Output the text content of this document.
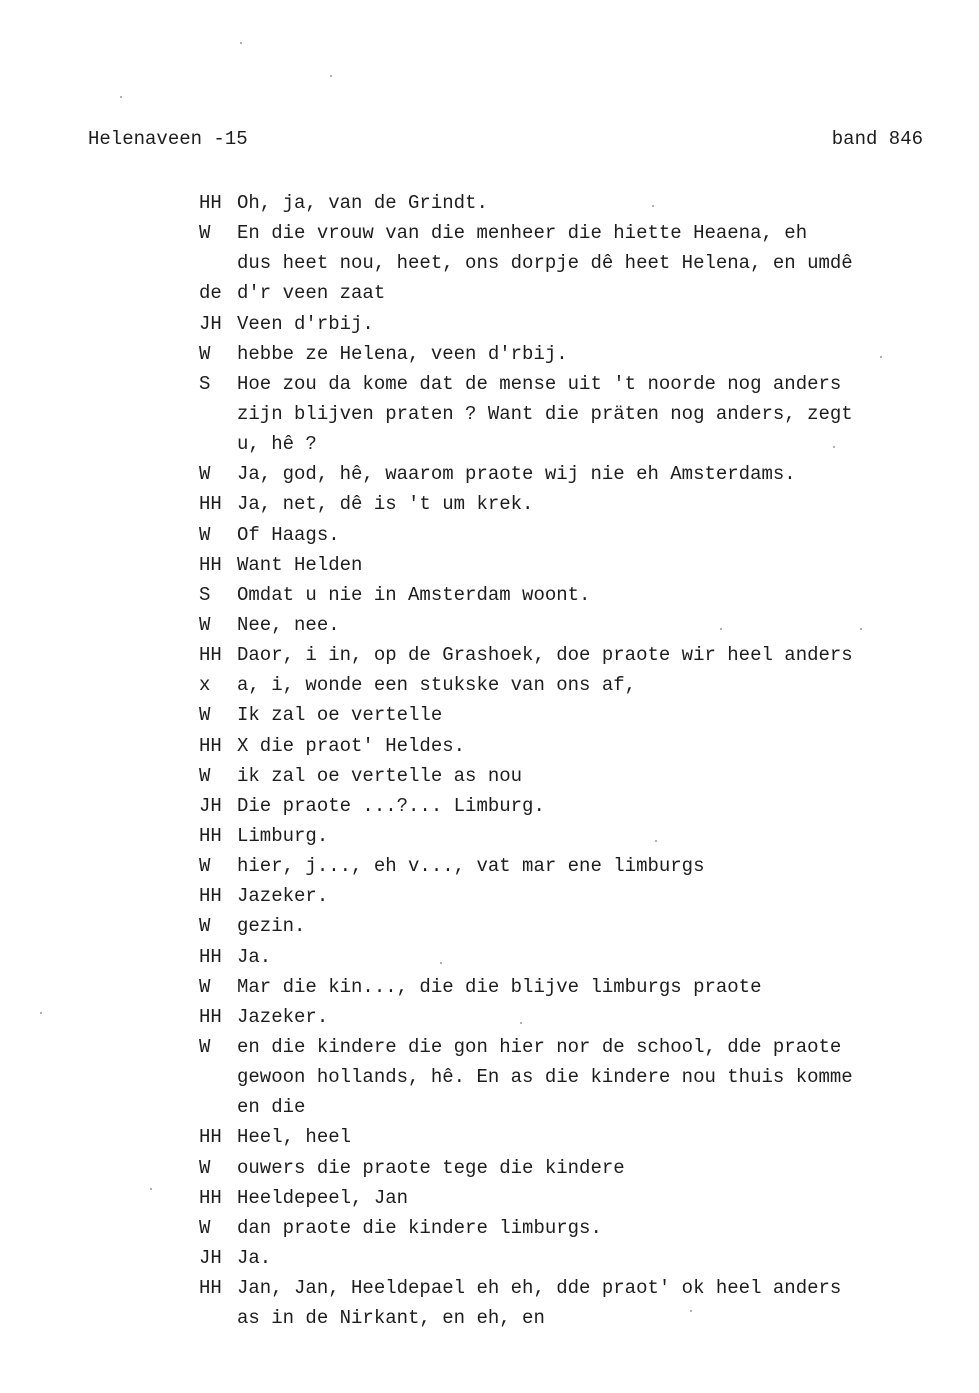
Helenaveen -15	band 846
HH Oh, ja, van de Grindt.
W	En die vrouw van die menheer die hiette Heaena, eh
dus heet nou, heet, ons dorpje dê heet Helena, en umdê
de d'r veen zaat
JH Veen d'rbij.
W	hebbe ze Helena, veen d'rbij.
S	Hoe zou da kome dat de mense uit 't noorde nog anders
zijn blijven praten ? Want die präten nog anders, zegt
u, hê ?
W	Ja, god, hê, waarom praote wij nie eh Amsterdams.
HH Ja, net, dê is 't um krek.
W	Of Haags.
HH Want Helden
S	Omdat u nie in Amsterdam woont.
W	Nee, nee.
HH Daor, i in, op de Grashoek, doe praote wir heel anders
x	a, i, wonde een stukske van ons af,
W	Ik zal oe vertelle
HH X die praot' Heldes.
W	ik zal oe vertelle as nou
JH Die praote ...?... Limburg.
HH Limburg.
W	hier, j..., eh v..., vat mar ene limburgs
HH Jazeker.
W	gezin.
HH Ja.
W	Mar die kin..., die die blijve limburgs praote
HH Jazeker.
W	en die kindere die gon hier nor de school, dde praote
gewoon hollands, hê. En as die kindere nou thuis komme
en die
HH Heel, heel
W	ouwers die praote tege die kindere
HH Heeldepeel, Jan
W	dan praote die kindere limburgs.
JH Ja.
HH Jan, Jan, Heeldepael eh eh, dde praot' ok heel anders
as in de Nirkant, en eh, en
